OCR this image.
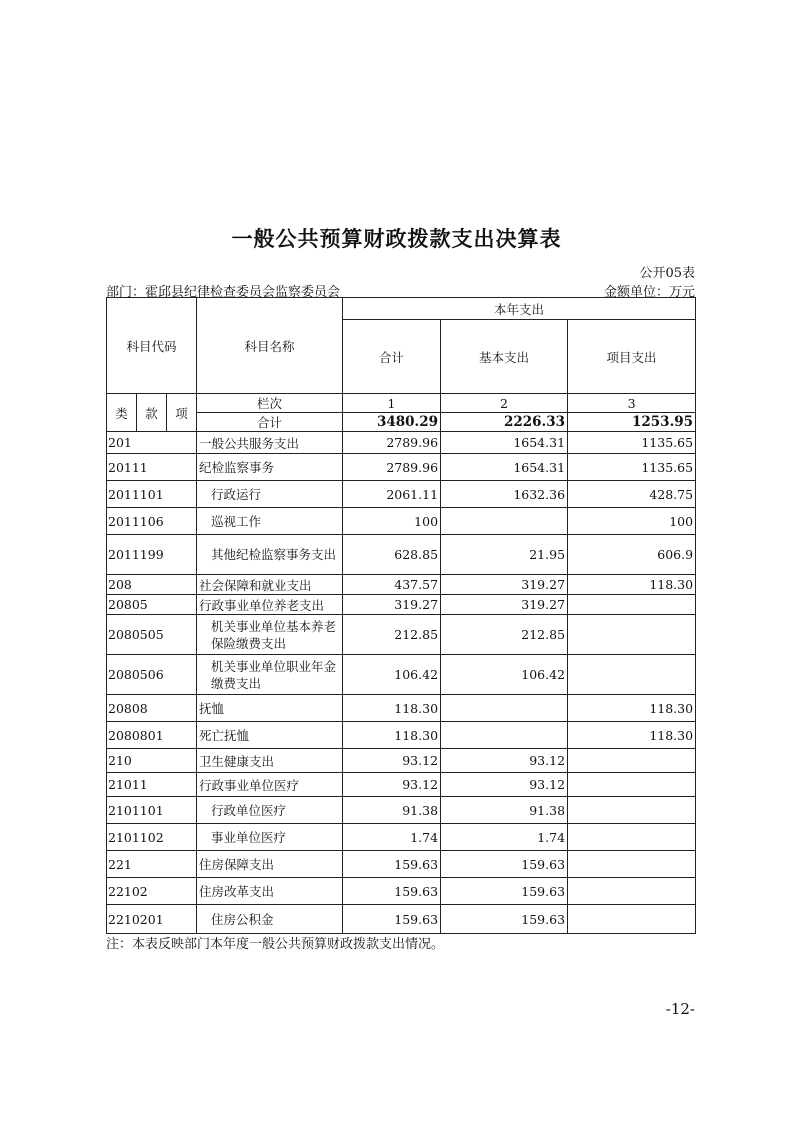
一般公共预算财政拨款支出决算表
公开05表
部门：霍邱县纪律检查委员会监察委员会	金额单位：万元
科目代码			科目名称	本年支出		
				合计	基本支出	项目支出
类	款	项	栏次	1	2	3
			合计	3480.29	2226.33	1253.95
201			一般公共服务支出	2789.96	1654.31	1135.65
20111			纪检监察事务	2789.96	1654.31	1135.65
2011101			行政运行	2061.11	1632.36	428.75
2011106			巡视工作	100		100
2011199			其他纪检监察事务支出	628.85	21.95	606.9
208			社会保障和就业支出	437.57	319.27	118.30
20805			行政事业单位养老支出	319.27	319.27	
2080505			机关事业单位基本养老保险缴费支出	212.85	212.85	
2080506			机关事业单位职业年金缴费支出	106.42	106.42	
20808			抚恤	118.30		118.30
2080801			死亡抚恤	118.30		118.30
210			卫生健康支出	93.12	93.12	
21011			行政事业单位医疗	93.12	93.12	
2101101			行政单位医疗	91.38	91.38	
2101102			事业单位医疗	1.74	1.74	
221			住房保障支出	159.63	159.63	
22102			住房改革支出	159.63	159.63	
2210201			住房公积金	159.63	159.63	
注：本表反映部门本年度一般公共预算财政拨款支出情况。
-12-
